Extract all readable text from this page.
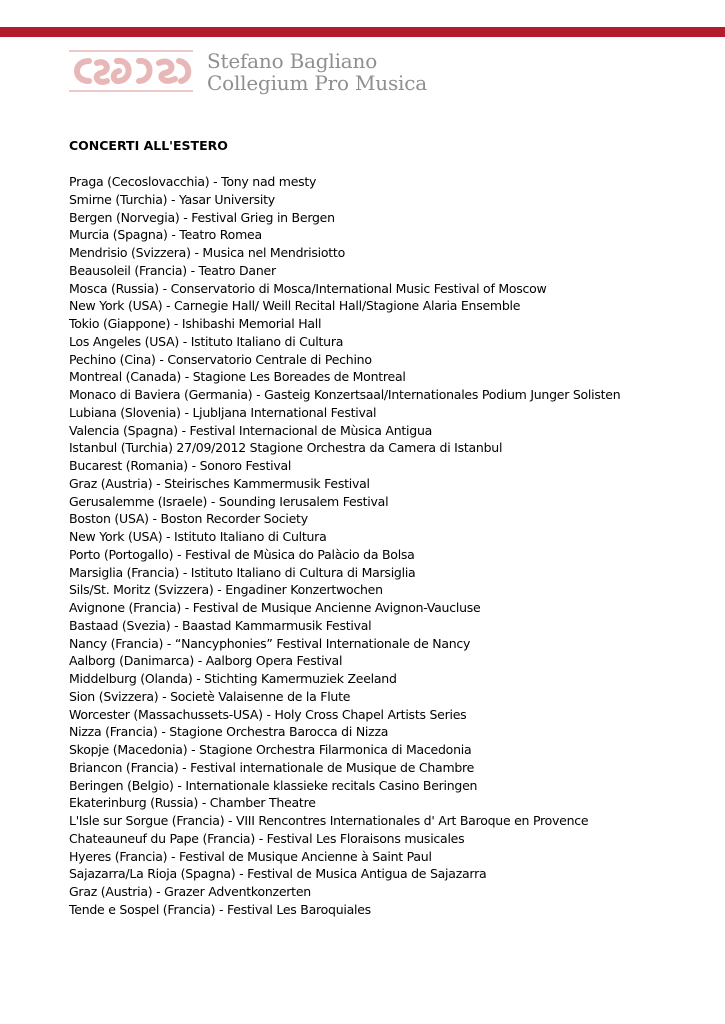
Stefano Bagliano
Collegium Pro Musica
CONCERTI ALL'ESTERO
Praga (Cecoslovacchia) - Tony nad mesty
Smirne (Turchia) - Yasar University
Bergen (Norvegia) - Festival Grieg in Bergen
Murcia (Spagna) - Teatro Romea
Mendrisio (Svizzera) - Musica nel Mendrisiotto
Beausoleil (Francia) - Teatro Daner
Mosca (Russia) - Conservatorio di Mosca/International Music Festival of Moscow
New York (USA) - Carnegie Hall/ Weill Recital Hall/Stagione Alaria Ensemble
Tokio (Giappone) - Ishibashi Memorial Hall
Los Angeles (USA) - Istituto Italiano di Cultura
Pechino (Cina) - Conservatorio Centrale di Pechino
Montreal (Canada) - Stagione Les Boreades de Montreal
Monaco di Baviera (Germania) - Gasteig Konzertsaal/Internationales Podium Junger Solisten
Lubiana (Slovenia) - Ljubljana International Festival
Valencia (Spagna) - Festival Internacional de Mùsica Antigua
Istanbul (Turchia) 27/09/2012 Stagione Orchestra da Camera di Istanbul
Bucarest (Romania) - Sonoro Festival
Graz (Austria) - Steirisches Kammermusik Festival
Gerusalemme (Israele) - Sounding Ierusalem Festival
Boston (USA) - Boston Recorder Society
New York (USA) - Istituto Italiano di Cultura
Porto (Portogallo) - Festival de Mùsica do Palàcio da Bolsa
Marsiglia (Francia) - Istituto Italiano di Cultura di Marsiglia
Sils/St. Moritz (Svizzera) - Engadiner Konzertwochen
Avignone (Francia) - Festival de Musique Ancienne Avignon-Vaucluse
Bastaad (Svezia) - Baastad Kammarmusik Festival
Nancy (Francia) - “Nancyphonies” Festival Internationale de Nancy
Aalborg (Danimarca) - Aalborg Opera Festival
Middelburg (Olanda) - Stichting Kamermuziek Zeeland
Sion (Svizzera) - Societè Valaisenne de la Flute
Worcester (Massachussets-USA) - Holy Cross Chapel Artists Series
Nizza (Francia) - Stagione Orchestra Barocca di Nizza
Skopje (Macedonia) - Stagione Orchestra Filarmonica di Macedonia
Briancon (Francia) - Festival internationale de Musique de Chambre
Beringen (Belgio) - Internationale klassieke recitals Casino Beringen
Ekaterinburg (Russia) - Chamber Theatre
L'Isle sur Sorgue (Francia) - VIII Rencontres Internationales d' Art Baroque en Provence
Chateauneuf du Pape (Francia) - Festival Les Floraisons musicales
Hyeres (Francia) - Festival de Musique Ancienne à Saint Paul
Sajazarra/La Rioja (Spagna) - Festival de Musica Antigua de Sajazarra
Graz (Austria) - Grazer Adventkonzerten
Tende e Sospel (Francia) - Festival Les Baroquiales
